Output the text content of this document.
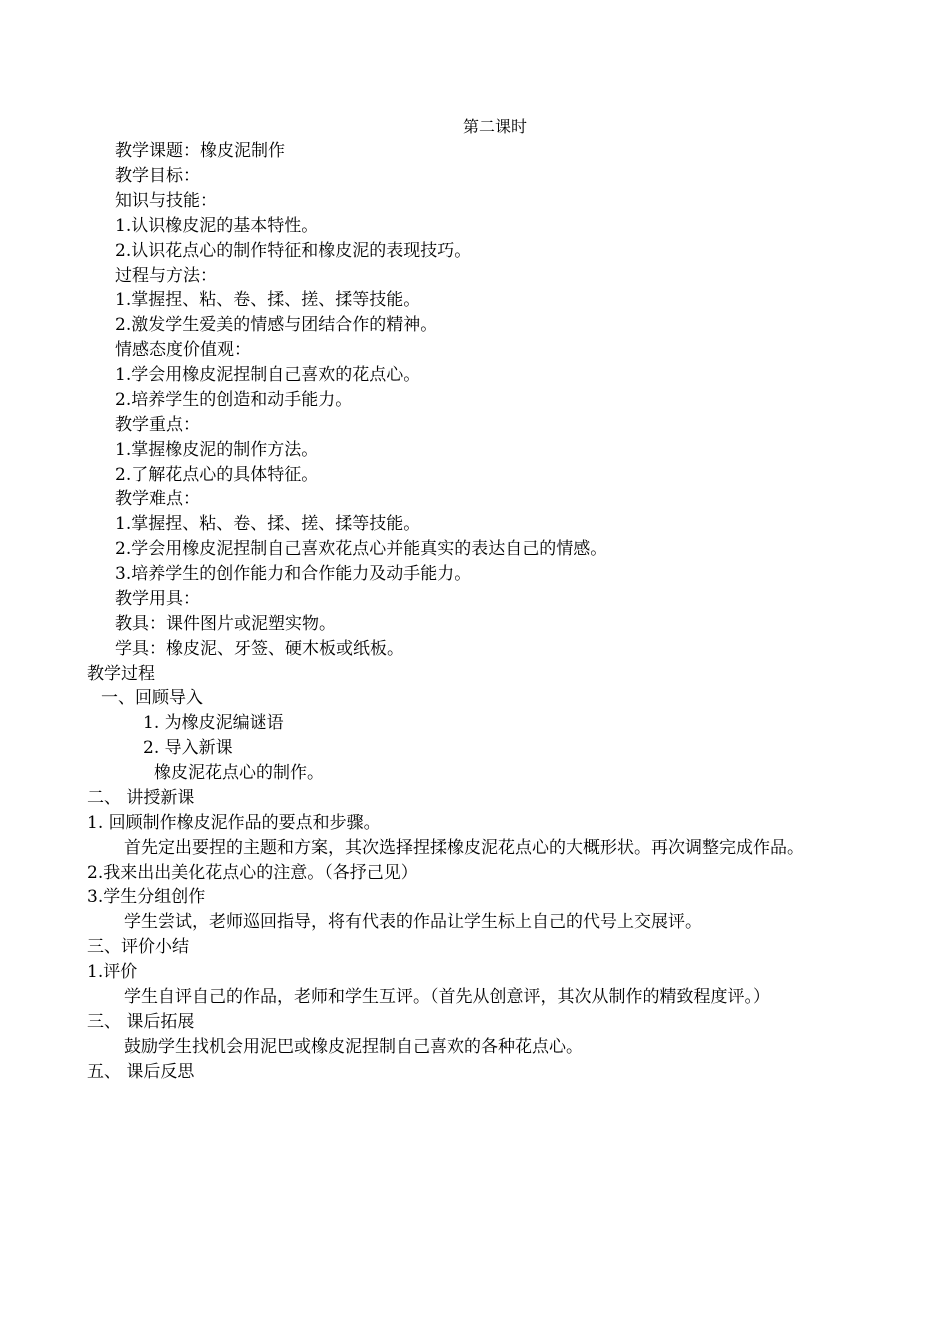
第二课时
教学课题：橡皮泥制作
教学目标：
知识与技能：
1.认识橡皮泥的基本特性。
2.认识花点心的制作特征和橡皮泥的表现技巧。
过程与方法：
1.掌握捏、粘、卷、揉、搓、揉等技能。
2.激发学生爱美的情感与团结合作的精神。
情感态度价值观：
1.学会用橡皮泥捏制自己喜欢的花点心。
2.培养学生的创造和动手能力。
教学重点：
1.掌握橡皮泥的制作方法。
2.了解花点心的具体特征。
教学难点：
1.掌握捏、粘、卷、揉、搓、揉等技能。
2.学会用橡皮泥捏制自己喜欢花点心并能真实的表达自己的情感。
3.培养学生的创作能力和合作能力及动手能力。
教学用具：
教具：课件图片或泥塑实物。
学具：橡皮泥、牙签、硬木板或纸板。
教学过程
一、回顾导入
1. 为橡皮泥编谜语
2. 导入新课
橡皮泥花点心的制作。
二、 讲授新课
1. 回顾制作橡皮泥作品的要点和步骤。
首先定出要捏的主题和方案，其次选择捏揉橡皮泥花点心的大概形状。再次调整完成作品。
2.我来出出美化花点心的注意。（各抒己见）
3.学生分组创作
学生尝试，老师巡回指导，将有代表的作品让学生标上自己的代号上交展评。
三、评价小结
1.评价
学生自评自己的作品，老师和学生互评。（首先从创意评，其次从制作的精致程度评。）
三、 课后拓展
鼓励学生找机会用泥巴或橡皮泥捏制自己喜欢的各种花点心。
五、 课后反思
